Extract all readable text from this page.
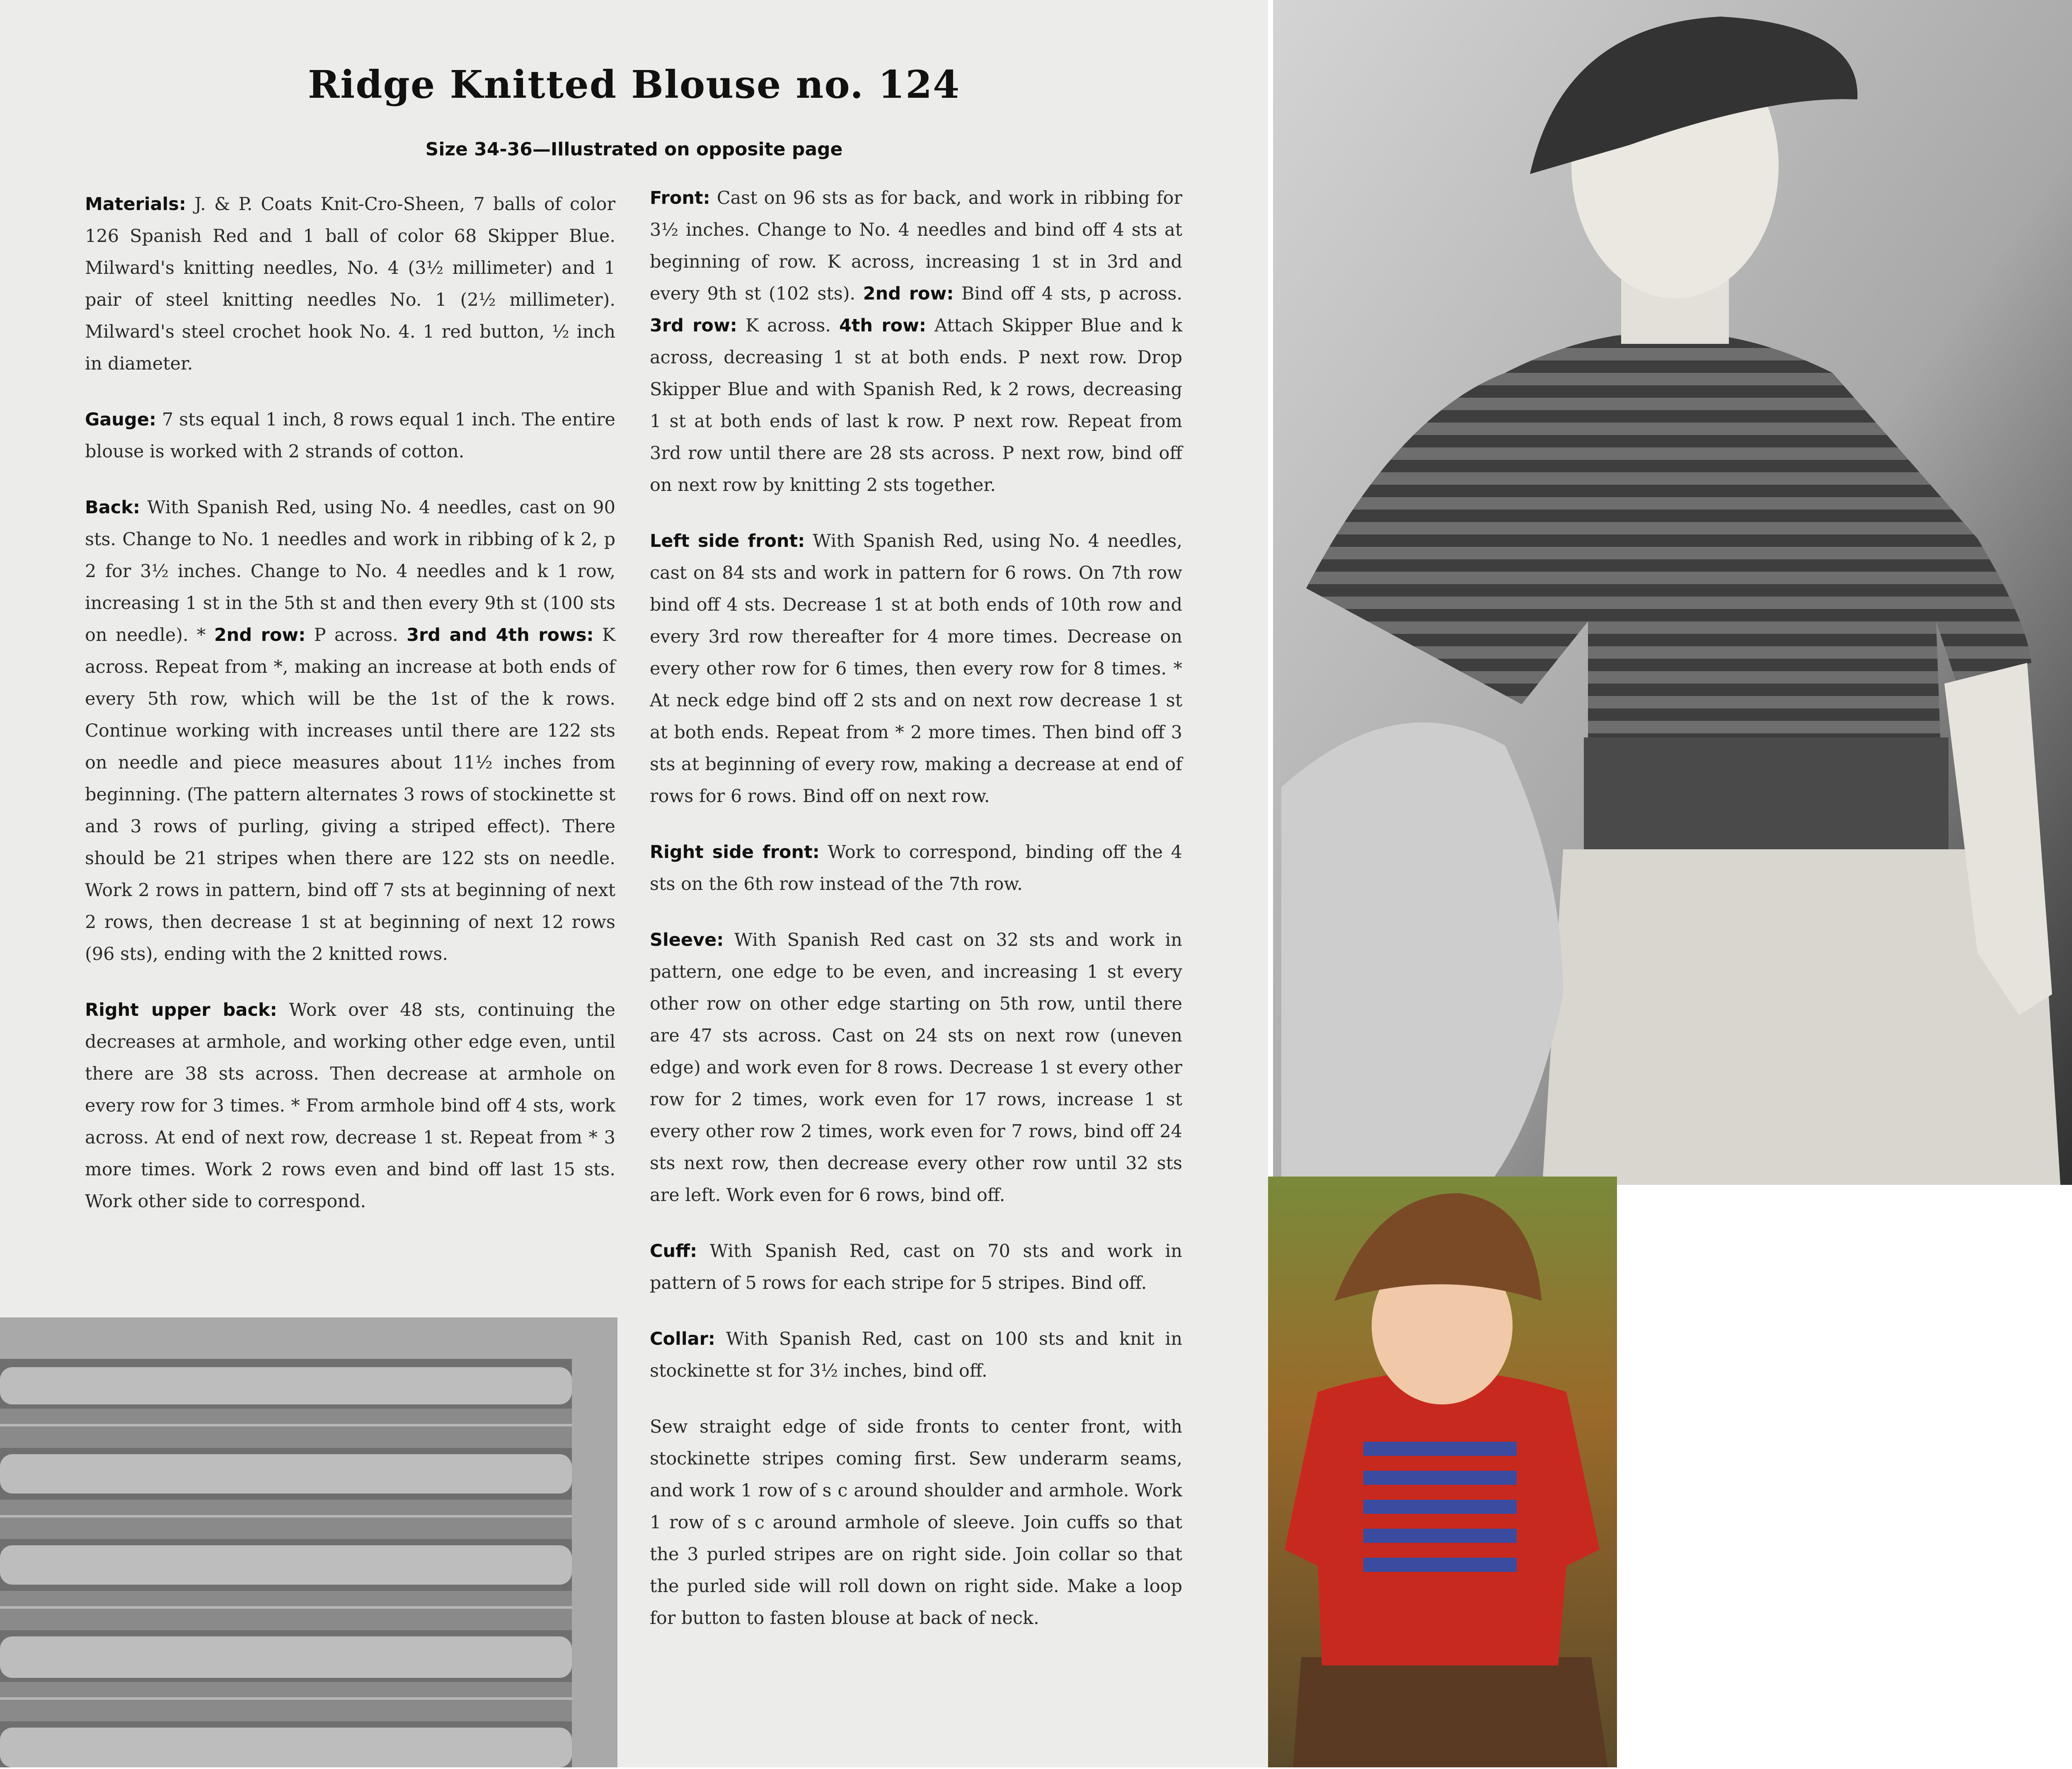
Ridge Knitted Blouse no. 124
Size 34-36—Illustrated on opposite page

Materials: J. & P. Coats Knit-Cro-Sheen, 7 balls of color 126 Spanish Red and 1 ball of color 68 Skipper Blue. Milward's knitting needles, No. 4 (3½ millimeter) and 1 pair of steel knitting needles No. 1 (2½ millimeter). Milward's steel crochet hook No. 4. 1 red button, ½ inch in diameter.

Gauge: 7 sts equal 1 inch, 8 rows equal 1 inch. The entire blouse is worked with 2 strands of cotton.

Back: With Spanish Red, using No. 4 needles, cast on 90 sts. Change to No. 1 needles and work in ribbing of k 2, p 2 for 3½ inches. Change to No. 4 needles and k 1 row, increasing 1 st in the 5th st and then every 9th st (100 sts on needle). * 2nd row: P across. 3rd and 4th rows: K across. Repeat from *, making an increase at both ends of every 5th row, which will be the 1st of the k rows. Continue working with increases until there are 122 sts on needle and piece measures about 11½ inches from beginning. (The pattern alternates 3 rows of stockinette st and 3 rows of purling, giving a striped effect). There should be 21 stripes when there are 122 sts on needle. Work 2 rows in pattern, bind off 7 sts at beginning of next 2 rows, then decrease 1 st at beginning of next 12 rows (96 sts), ending with the 2 knitted rows.

Right upper back: Work over 48 sts, continuing the decreases at armhole, and working other edge even, until there are 38 sts across. Then decrease at armhole on every row for 3 times. * From armhole bind off 4 sts, work across. At end of next row, decrease 1 st. Repeat from * 3 more times. Work 2 rows even and bind off last 15 sts. Work other side to correspond.

Front: Cast on 96 sts as for back, and work in ribbing for 3½ inches. Change to No. 4 needles and bind off 4 sts at beginning of row. K across, increasing 1 st in 3rd and every 9th st (102 sts). 2nd row: Bind off 4 sts, p across. 3rd row: K across. 4th row: Attach Skipper Blue and k across, decreasing 1 st at both ends. P next row. Drop Skipper Blue and with Spanish Red, k 2 rows, decreasing 1 st at both ends of last k row. P next row. Repeat from 3rd row until there are 28 sts across. P next row, bind off on next row by knitting 2 sts together.

Left side front: With Spanish Red, using No. 4 needles, cast on 84 sts and work in pattern for 6 rows. On 7th row bind off 4 sts. Decrease 1 st at both ends of 10th row and every 3rd row thereafter for 4 more times. Decrease on every other row for 6 times, then every row for 8 times. * At neck edge bind off 2 sts and on next row decrease 1 st at both ends. Repeat from * 2 more times. Then bind off 3 sts at beginning of every row, making a decrease at end of rows for 6 rows. Bind off on next row.

Right side front: Work to correspond, binding off the 4 sts on the 6th row instead of the 7th row.

Sleeve: With Spanish Red cast on 32 sts and work in pattern, one edge to be even, and increasing 1 st every other row on other edge starting on 5th row, until there are 47 sts across. Cast on 24 sts on next row (uneven edge) and work even for 8 rows. Decrease 1 st every other row for 2 times, work even for 17 rows, increase 1 st every other row 2 times, work even for 7 rows, bind off 24 sts next row, then decrease every other row until 32 sts are left. Work even for 6 rows, bind off.

Cuff: With Spanish Red, cast on 70 sts and work in pattern of 5 rows for each stripe for 5 stripes. Bind off.

Collar: With Spanish Red, cast on 100 sts and knit in stockinette st for 3½ inches, bind off.

Sew straight edge of side fronts to center front, with stockinette stripes coming first. Sew underarm seams, and work 1 row of s c around shoulder and armhole. Work 1 row of s c around armhole of sleeve. Join cuffs so that the 3 purled stripes are on right side. Join collar so that the purled side will roll down on right side. Make a loop for button to fasten blouse at back of neck.
